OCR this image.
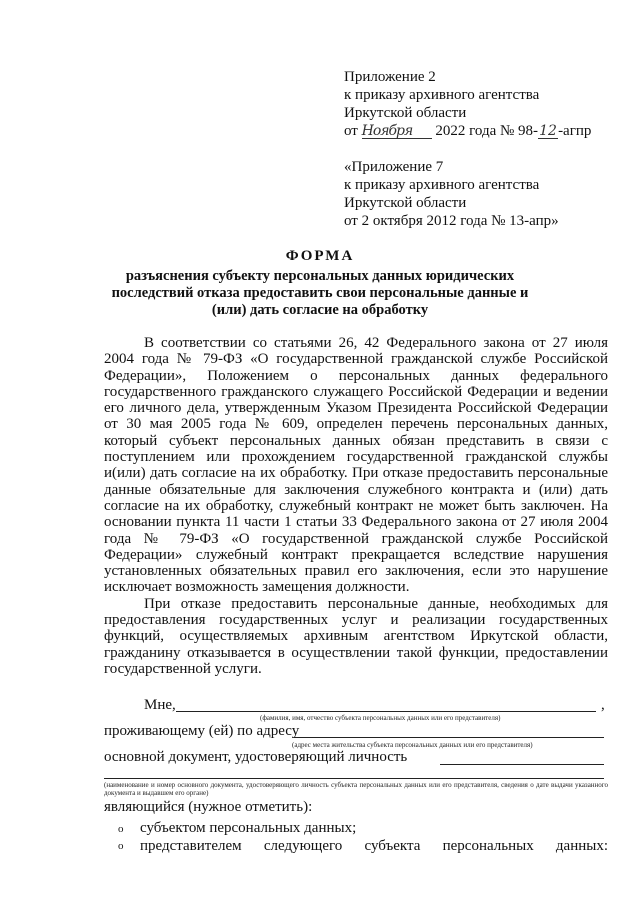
Приложение 2
к приказу архивного агентства
Иркутской области
от Ноября 2022 года № 98-12-агпр
«Приложение 7
к приказу архивного агентства
Иркутской области
от 2 октября 2012 года № 13-апр»
ФОРМА
разъяснения субъекту персональных данных юридических последствий отказа предоставить свои персональные данные и (или) дать согласие на обработку

В соответствии со статьями 26, 42 Федерального закона от 27 июля 2004 года № 79-ФЗ «О государственной гражданской службе Российской Федерации», Положением о персональных данных федерального государственного гражданского служащего Российской Федерации и ведении его личного дела, утвержденным Указом Президента Российской Федерации от 30 мая 2005 года № 609, определен перечень персональных данных, который субъект персональных данных обязан представить в связи с поступлением или прохождением государственной гражданской службы и(или) дать согласие на их обработку. При отказе предоставить персональные данные обязательные для заключения служебного контракта и (или) дать согласие на их обработку, служебный контракт не может быть заключен. На основании пункта 11 части 1 статьи 33 Федерального закона от 27 июля 2004 года № 79-ФЗ «О государственной гражданской службе Российской Федерации» служебный контракт прекращается вследствие нарушения установленных обязательных правил его заключения, если это нарушение исключает возможность замещения должности.

При отказе предоставить персональные данные, необходимых для предоставления государственных услуг и реализации государственных функций, осуществляемых архивным агентством Иркутской области, гражданину отказывается в осуществлении такой функции, предоставлении государственной услуги.

Мне,	,
(фамилия, имя, отчество субъекта персональных данных или его представителя)
проживающему (ей) по адресу
(адрес места жительства субъекта персональных данных или его представителя)
основной документ, удостоверяющий личность
(наименование и номер основного документа, удостоверяющего личность субъекта персональных данных или его представителя, сведения о дате выдачи указанного документа и выдавшем его органе)
являющийся (нужное отметить):
о субъектом персональных данных;
о	представителем следующего субъекта персональных данных:
